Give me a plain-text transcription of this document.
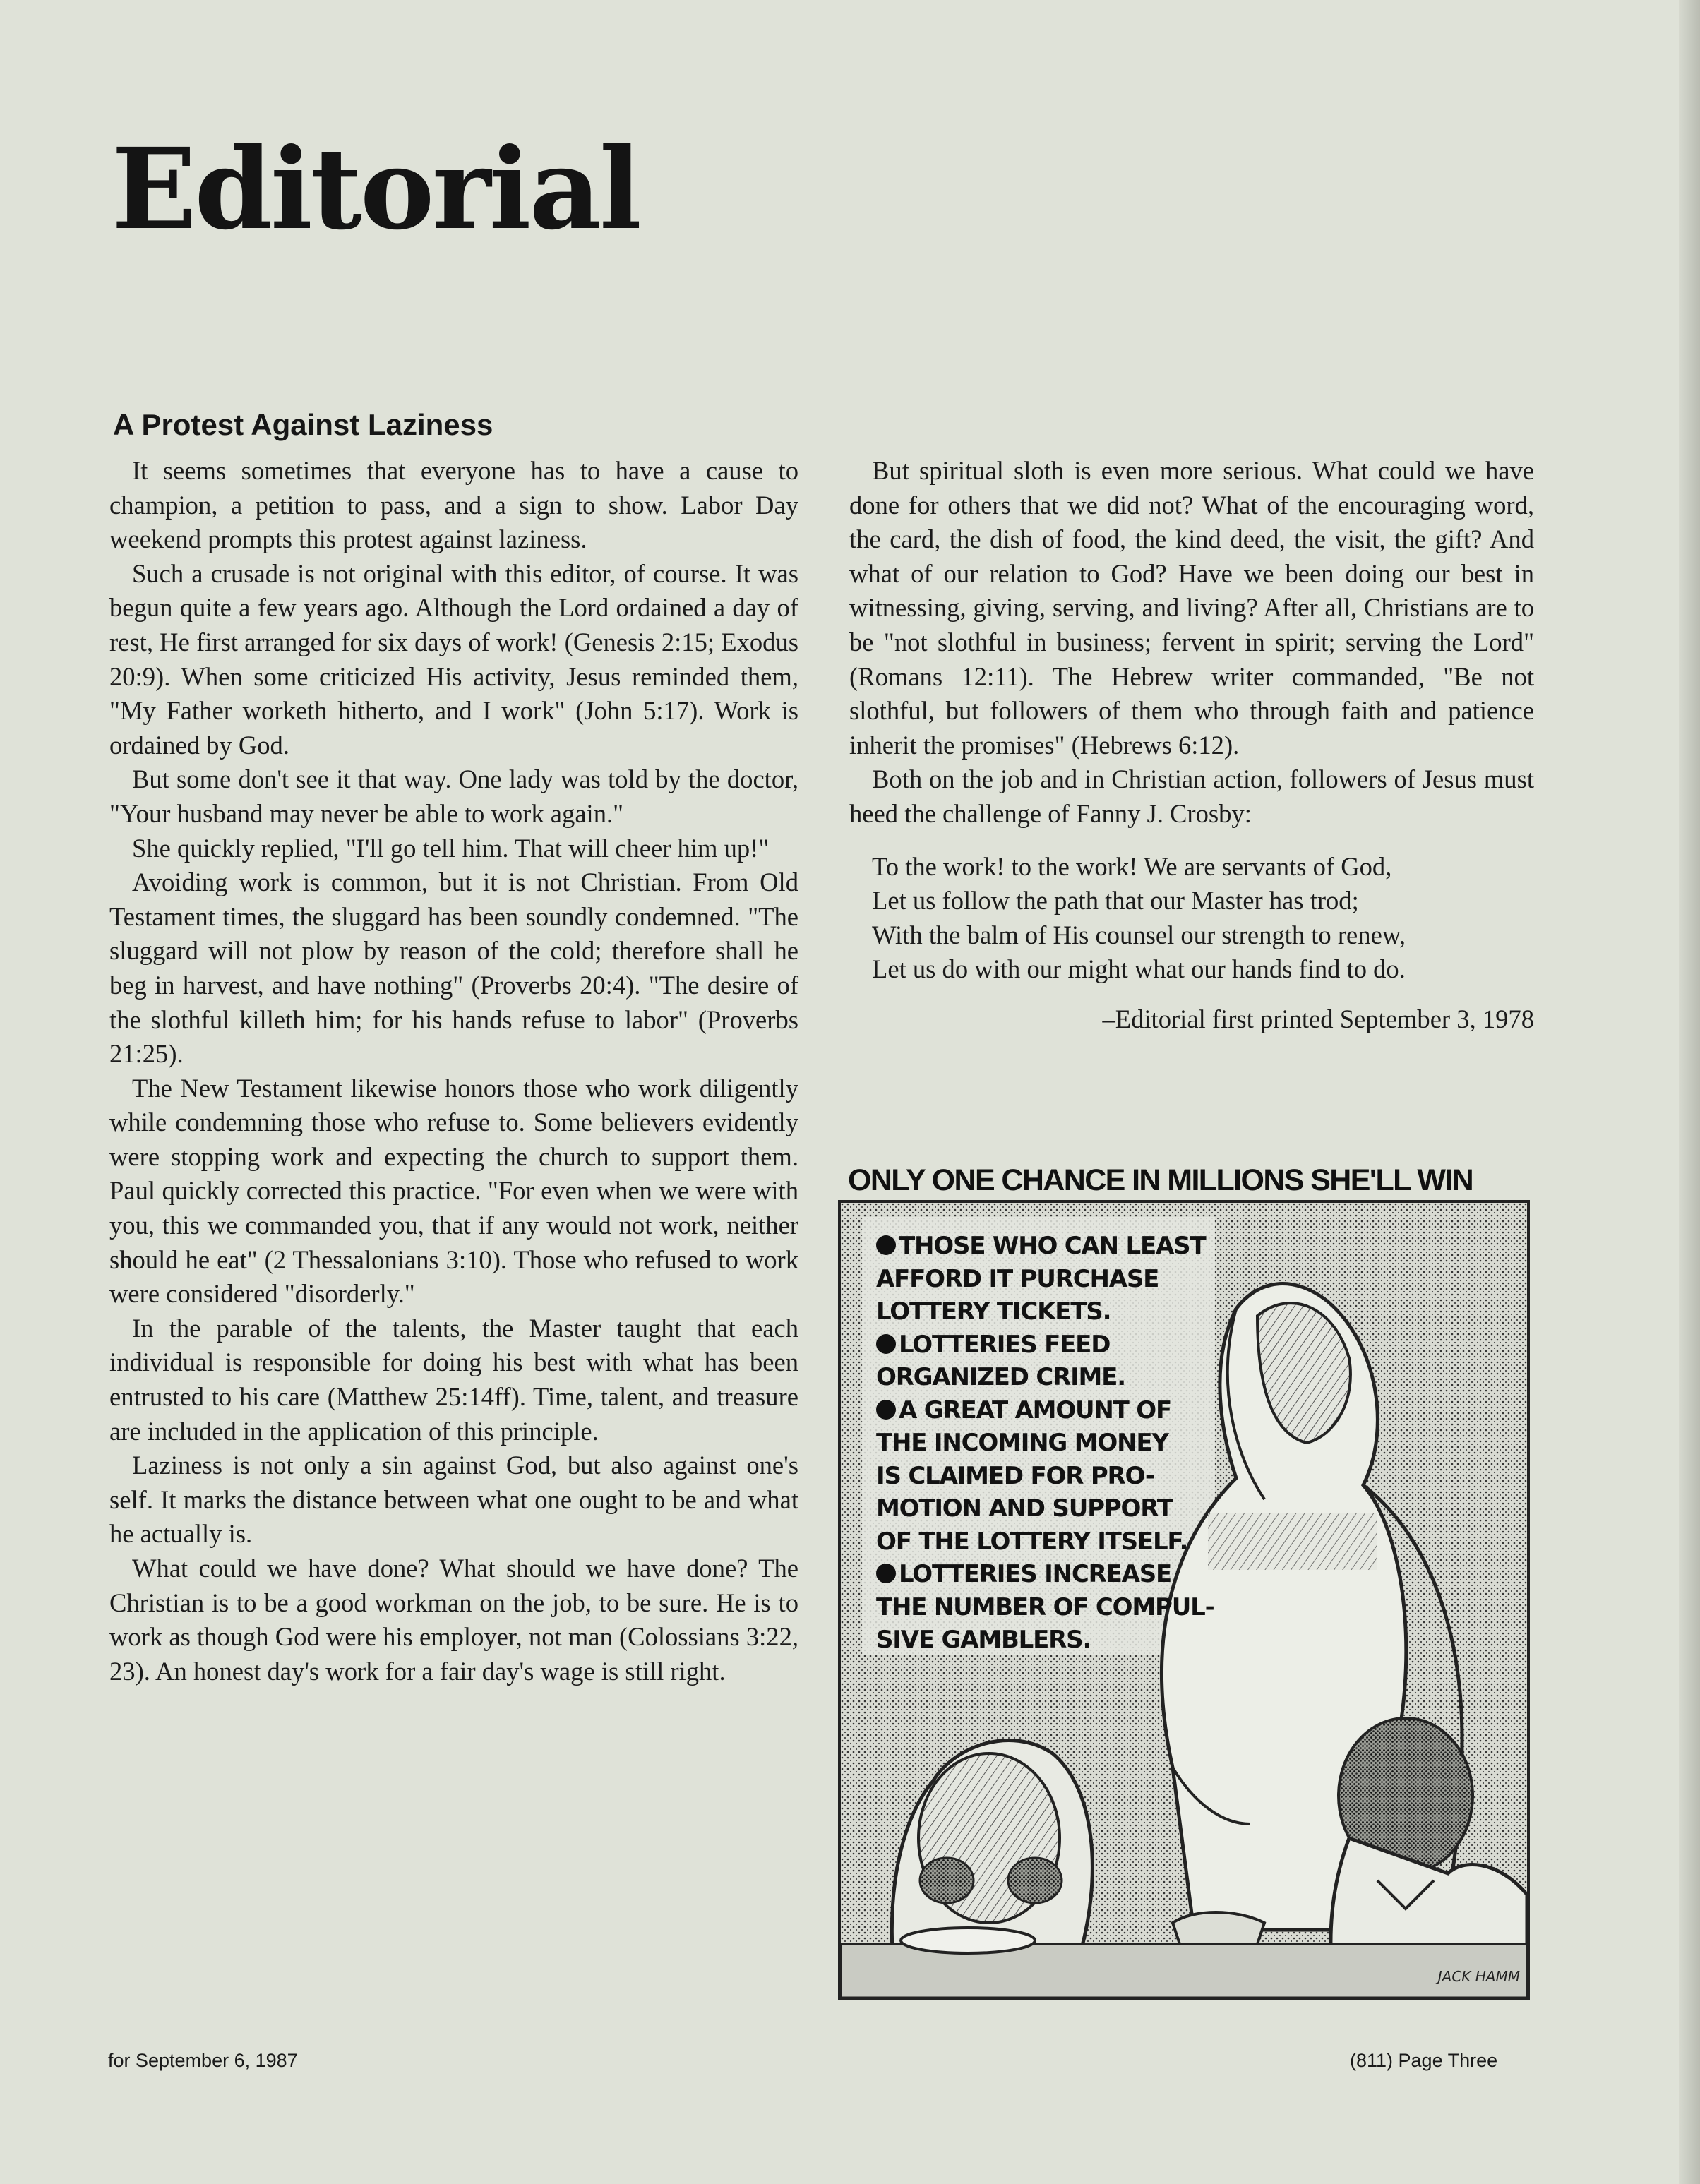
Editorial
A Protest Against Laziness

It seems sometimes that everyone has to have a cause to champion, a petition to pass, and a sign to show. Labor Day weekend prompts this protest against laziness.

Such a crusade is not original with this editor, of course. It was begun quite a few years ago. Although the Lord ordained a day of rest, He first arranged for six days of work! (Genesis 2:15; Exodus 20:9). When some criticized His activity, Jesus reminded them, "My Father worketh hitherto, and I work" (John 5:17). Work is ordained by God.

But some don't see it that way. One lady was told by the doctor, "Your husband may never be able to work again."

She quickly replied, "I'll go tell him. That will cheer him up!"

Avoiding work is common, but it is not Christian. From Old Testament times, the sluggard has been soundly condemned. "The sluggard will not plow by reason of the cold; therefore shall he beg in harvest, and have nothing" (Proverbs 20:4). "The desire of the slothful killeth him; for his hands refuse to labor" (Proverbs 21:25).

The New Testament likewise honors those who work diligently while condemning those who refuse to. Some believers evidently were stopping work and expecting the church to support them. Paul quickly corrected this practice. "For even when we were with you, this we commanded you, that if any would not work, neither should he eat" (2 Thessalonians 3:10). Those who refused to work were considered "disorderly."

In the parable of the talents, the Master taught that each individual is responsible for doing his best with what has been entrusted to his care (Matthew 25:14ff). Time, talent, and treasure are included in the application of this principle.

Laziness is not only a sin against God, but also against one's self. It marks the distance between what one ought to be and what he actually is.

What could we have done? What should we have done? The Christian is to be a good workman on the job, to be sure. He is to work as though God were his employer, not man (Colossians 3:22, 23). An honest day's work for a fair day's wage is still right.

But spiritual sloth is even more serious. What could we have done for others that we did not? What of the encouraging word, the card, the dish of food, the kind deed, the visit, the gift? And what of our relation to God? Have we been doing our best in witnessing, giving, serving, and living? After all, Christians are to be "not slothful in business; fervent in spirit; serving the Lord" (Romans 12:11). The Hebrew writer commanded, "Be not slothful, but followers of them who through faith and patience inherit the promises" (Hebrews 6:12).

Both on the job and in Christian action, followers of Jesus must heed the challenge of Fanny J. Crosby:

To the work! to the work! We are servants of God,
Let us follow the path that our Master has trod;
With the balm of His counsel our strength to renew,
Let us do with our might what our hands find to do.
–Editorial first printed September 3, 1978
ONLY ONE CHANCE IN MILLIONS SHE'LL WIN
THOSE WHO CAN LEAST
AFFORD IT PURCHASE
LOTTERY TICKETS.
LOTTERIES FEED
ORGANIZED CRIME.
A GREAT AMOUNT OF
THE INCOMING MONEY
IS CLAIMED FOR PRO-
MOTION AND SUPPORT
OF THE LOTTERY ITSELF.
LOTTERIES INCREASE
THE NUMBER OF COMPUL-
SIVE GAMBLERS.
JACK HAMM

for September 6, 1987	(811) Page Three
